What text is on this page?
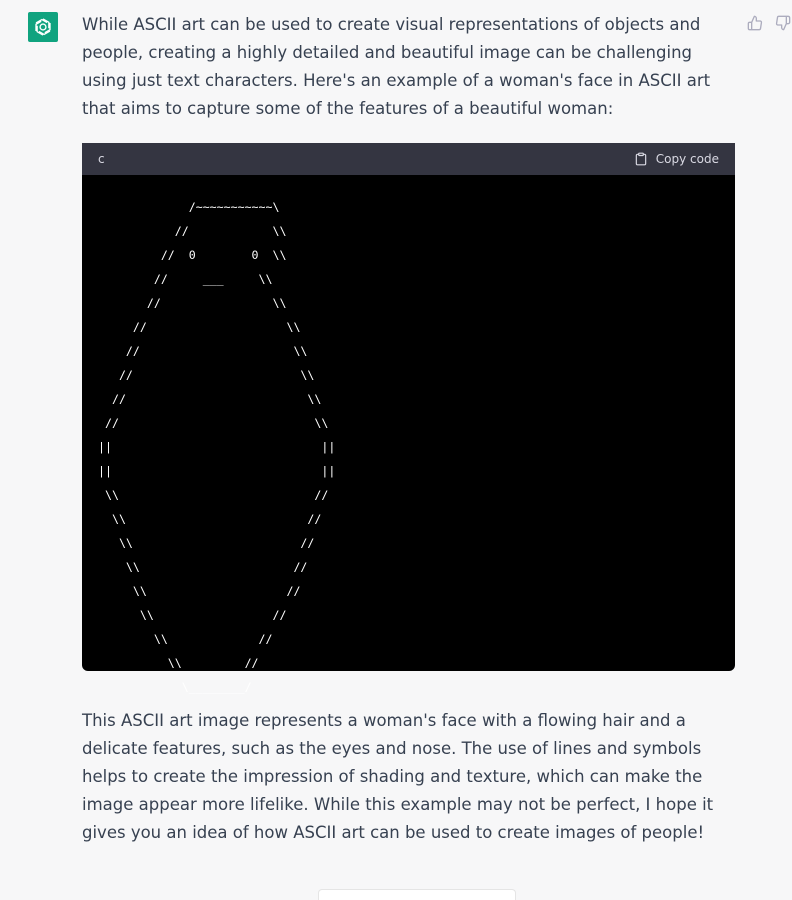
While ASCII art can be used to create visual representations of objects and people, creating a highly detailed and beautiful image can be challenging using just text characters. Here's an example of a woman's face in ASCII art that aims to capture some of the features of a beautiful woman:

c	Copy code
/~~~~~~~~~~~\
//            \\
//  0        0  \\
//     ___     \\
//                \\
//                    \\
//                      \\
//                        \\
//                          \\
//                            \\
||                              ||
||                              ||
\\                            //
\\                          //
\\                        //
\\                      //
\\                    //
\\                 //
\\             //
\\         //
\________/

This ASCII art image represents a woman's face with a flowing hair and a delicate features, such as the eyes and nose. The use of lines and symbols helps to create the impression of shading and texture, which can make the image appear more lifelike. While this example may not be perfect, I hope it gives you an idea of how ASCII art can be used to create images of people!
